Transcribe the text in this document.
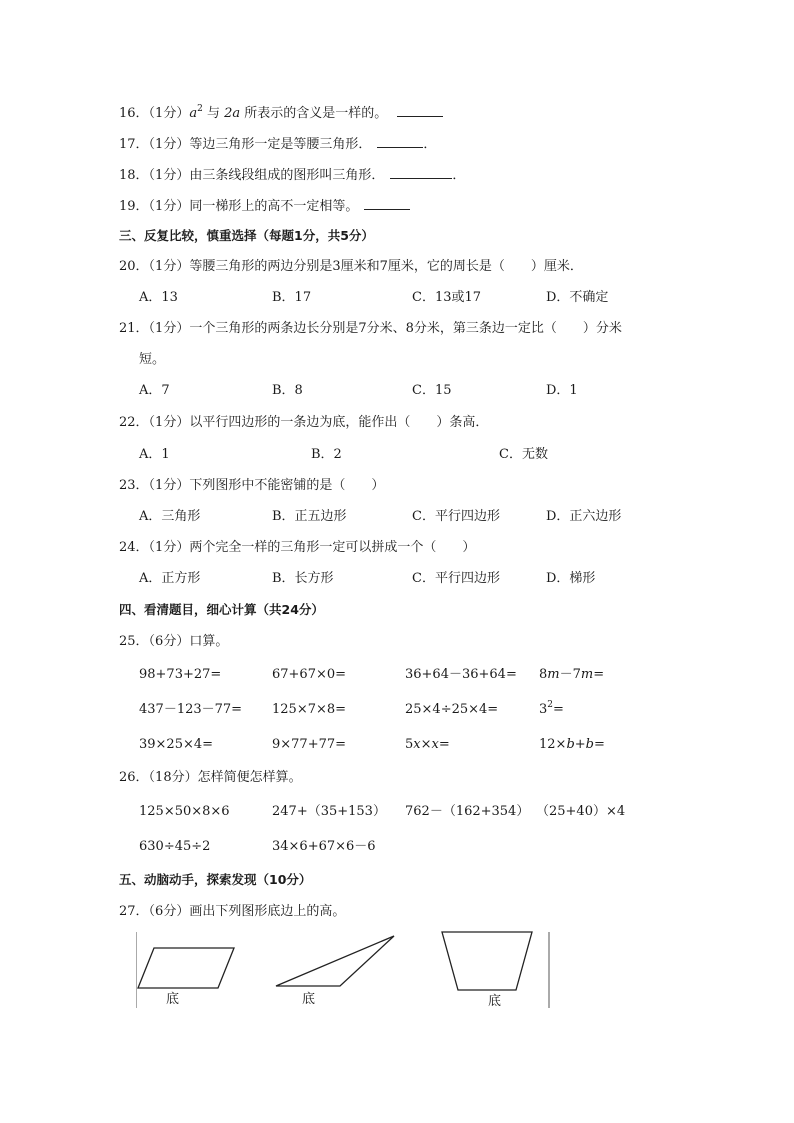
16．（1分）$a^2$ 与 2a 所表示的含义是一样的。
17．（1分）等边三角形一定是等腰三角形．	．
18．（1分）由三条线段组成的图形叫三角形．	．
19．（1分）同一梯形上的高不一定相等。
三、反复比较，慎重选择（每题1分，共5分）
20．（1分）等腰三角形的两边分别是3厘米和7厘米，它的周长是（　　）厘米．
A．13	B．17	C．13或17	D．不确定
21．（1分）一个三角形的两条边长分别是7分米、8分米，第三条边一定比（　　）分米
短。
A．7	B．8	C．15	D．1
22．（1分）以平行四边形的一条边为底，能作出（　　）条高．
A．1	B．2	C．无数
23．（1分）下列图形中不能密铺的是（　　）
A．三角形	B．正五边形	C．平行四边形	D．正六边形
24．（1分）两个完全一样的三角形一定可以拼成一个（　　）
A．正方形	B．长方形	C．平行四边形	D．梯形
四、看清题目，细心计算（共24分）
25．（6分）口算。
98+73+27=	67+67×0=	36+64－36+64= 8m－7m=
437－123－77= 125×7×8=	25×4÷25×4=	$3^2=$
39×25×4=	9×77+77=	5x×x=	12×b+b=
26．（18分）怎样简便怎样算。
125×50×8×6	247+（35+153） 762－（162+354） （25+40）×4
630÷45÷2	34×6+67×6－6
五、动脑动手，探索发现（10分）
27．（6分）画出下列图形底边上的高。
底	底	底
